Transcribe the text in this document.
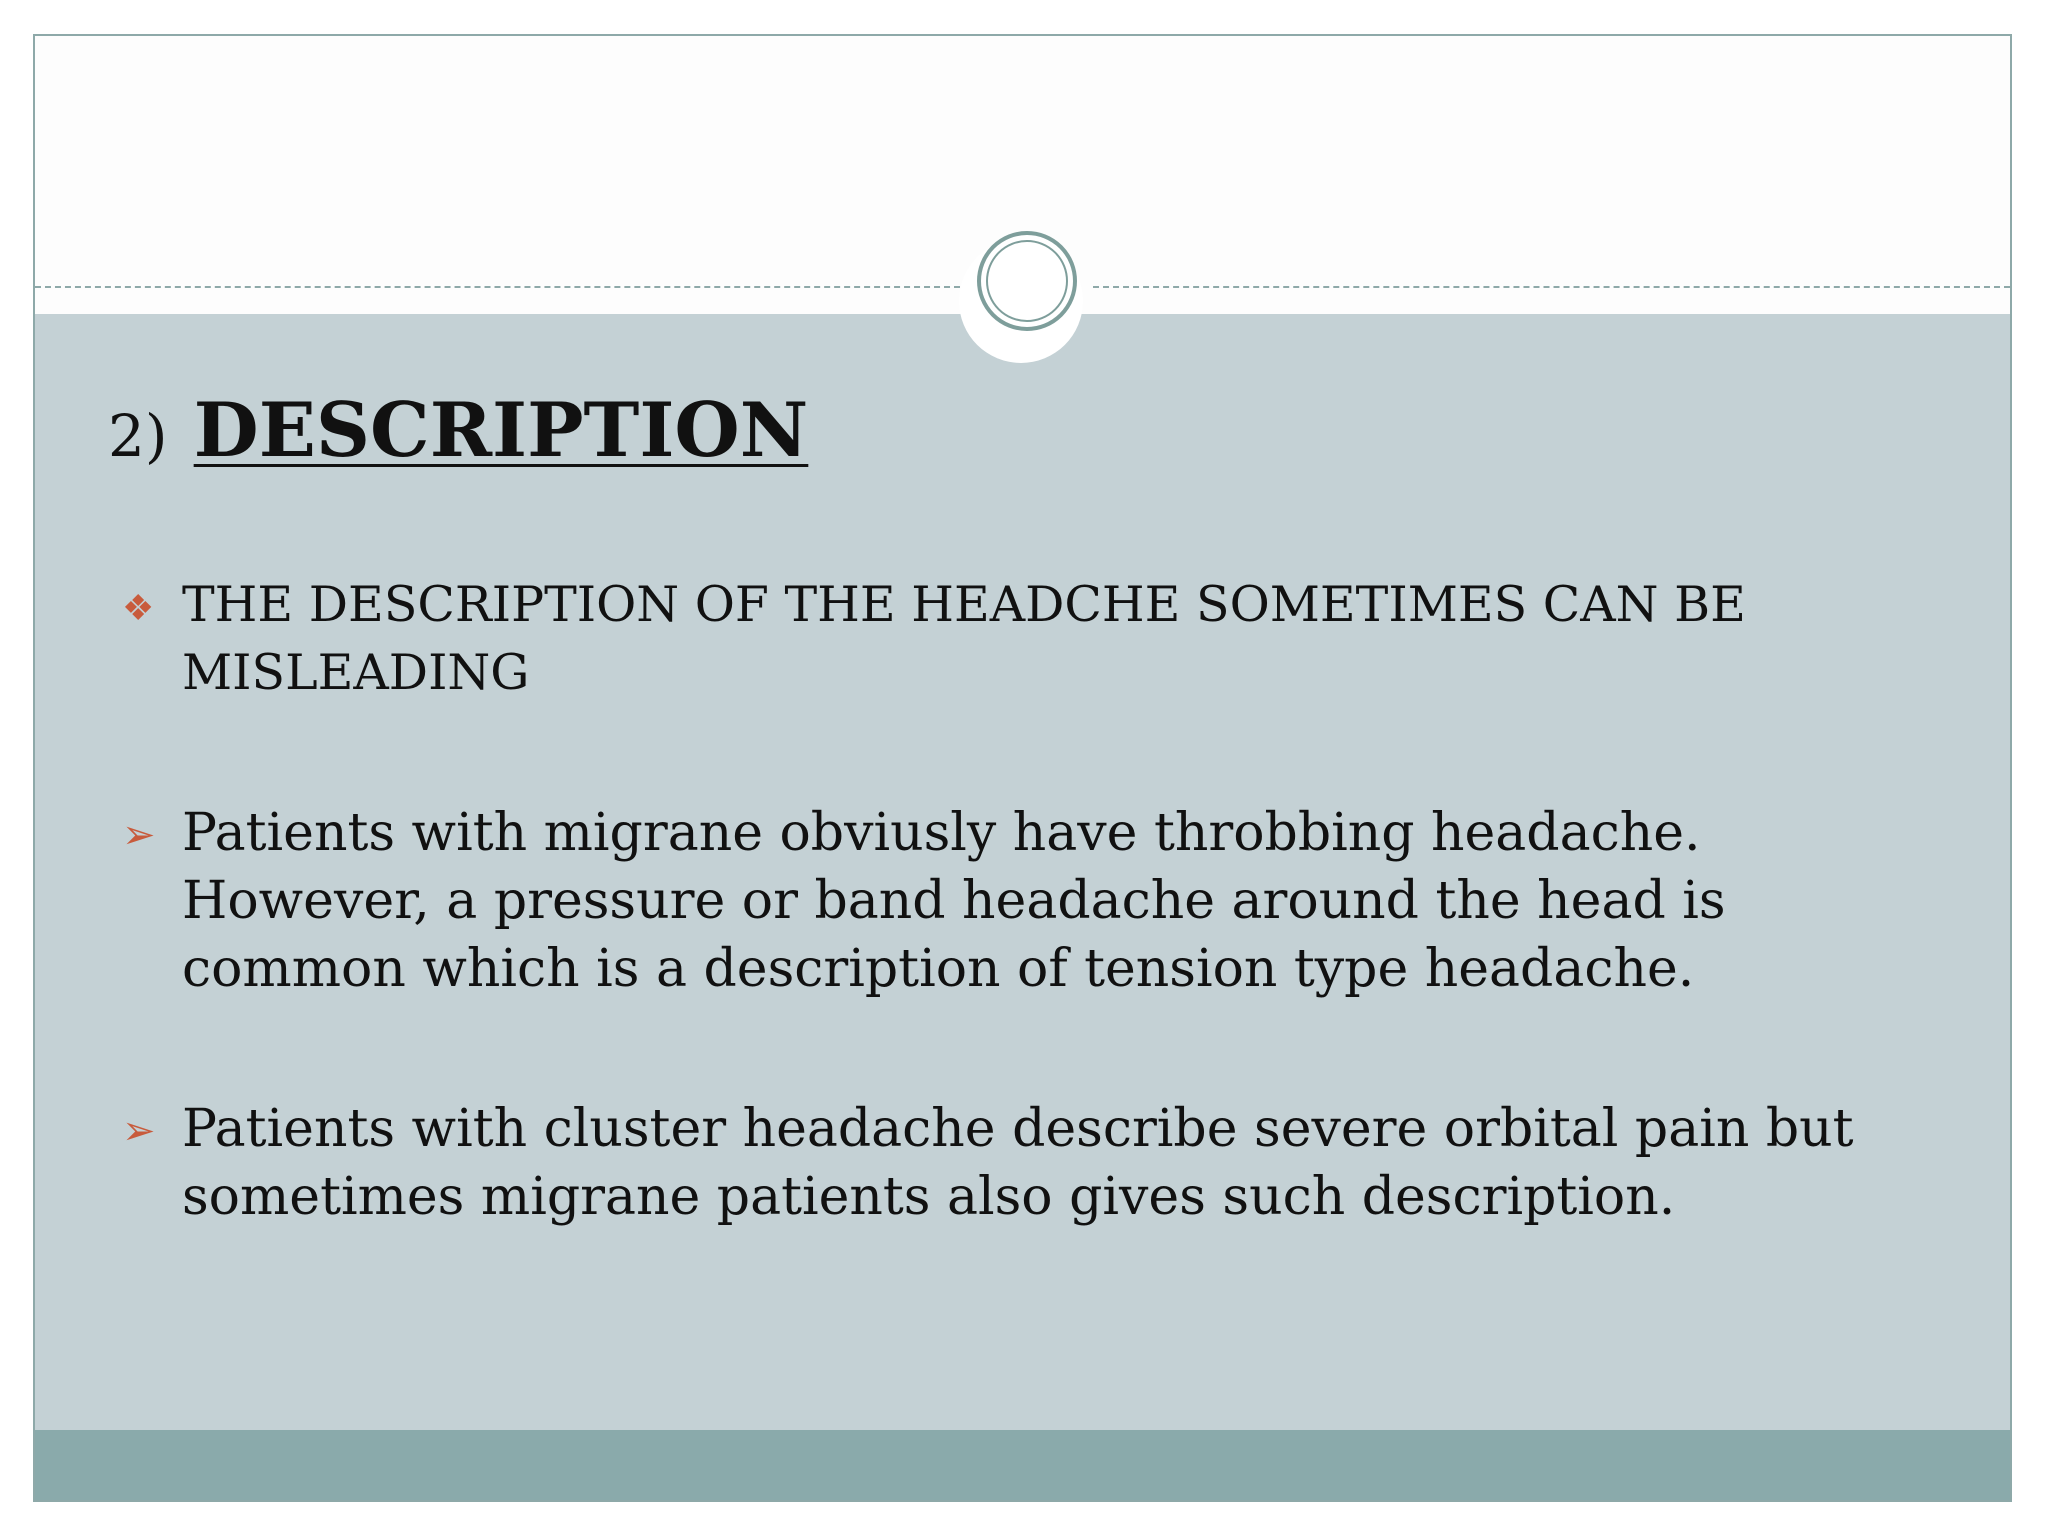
2) DESCRIPTION
❖ THE DESCRIPTION OF THE HEADCHE SOMETIMES CAN BE MISLEADING
➢ Patients with migrane obviusly have throbbing headache. However, a pressure or band headache around the head is common which is a description of tension type headache.
➢ Patients with cluster headache describe severe orbital pain but sometimes migrane patients also gives such description.
